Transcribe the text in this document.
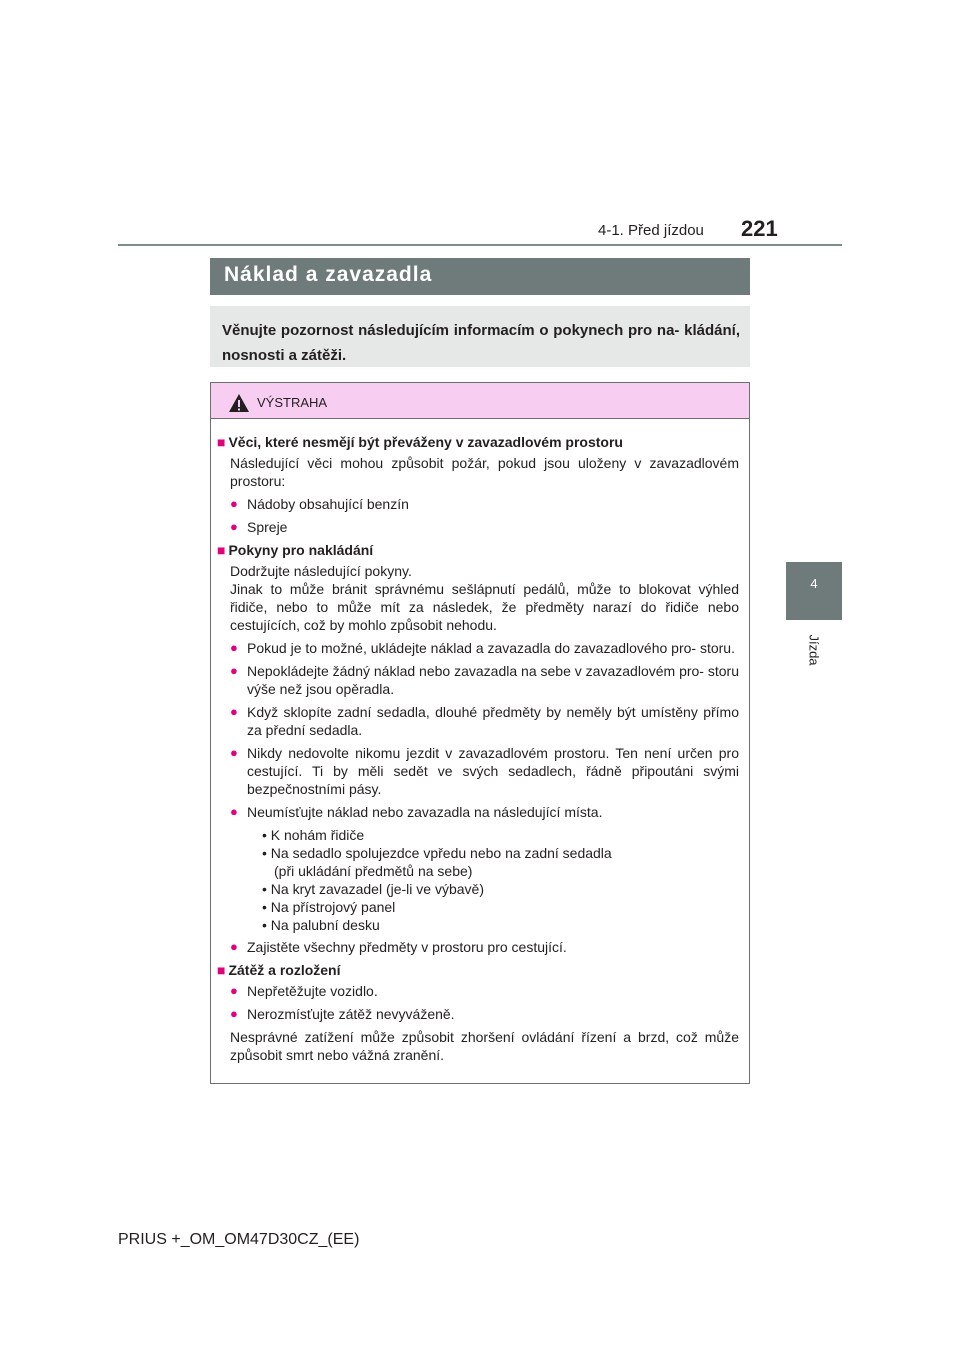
4-1. Před jízdou 221
4
Jízda
Náklad a zavazadla
Věnujte pozornost následujícím informacím o pokynech pro na- kládání, nosnosti a zátěži.
VÝSTRAHA
■ Věci, které nesmějí být převáženy v zavazadlovém prostoru
Následující věci mohou způsobit požár, pokud jsou uloženy v zavazadlovém prostoru:
● Nádoby obsahující benzín
● Spreje
■ Pokyny pro nakládání
Dodržujte následující pokyny.
Jinak to může bránit správnému sešlápnutí pedálů, může to blokovat výhled řidiče, nebo to může mít za následek, že předměty narazí do řidiče nebo cestujících, což by mohlo způsobit nehodu.
● Pokud je to možné, ukládejte náklad a zavazadla do zavazadlového pro- storu.
● Nepokládejte žádný náklad nebo zavazadla na sebe v zavazadlovém pro- storu výše než jsou opěradla.
● Když sklopíte zadní sedadla, dlouhé předměty by neměly být umístěny přímo za přední sedadla.
● Nikdy nedovolte nikomu jezdit v zavazadlovém prostoru. Ten není určen pro cestující. Ti by měli sedět ve svých sedadlech, řádně připoutáni svými bezpečnostními pásy.
● Neumísťujte náklad nebo zavazadla na následující místa.
• K nohám řidiče
• Na sedadlo spolujezdce vpředu nebo na zadní sedadla
(při ukládání předmětů na sebe)
• Na kryt zavazadel (je-li ve výbavě)
• Na přístrojový panel
• Na palubní desku
● Zajistěte všechny předměty v prostoru pro cestující.
■ Zátěž a rozložení
● Nepřetěžujte vozidlo.
● Nerozmísťujte zátěž nevyváženě.
Nesprávné zatížení může způsobit zhoršení ovládání řízení a brzd, což může způsobit smrt nebo vážná zranění.
PRIUS +_OM_OM47D30CZ_(EE)
